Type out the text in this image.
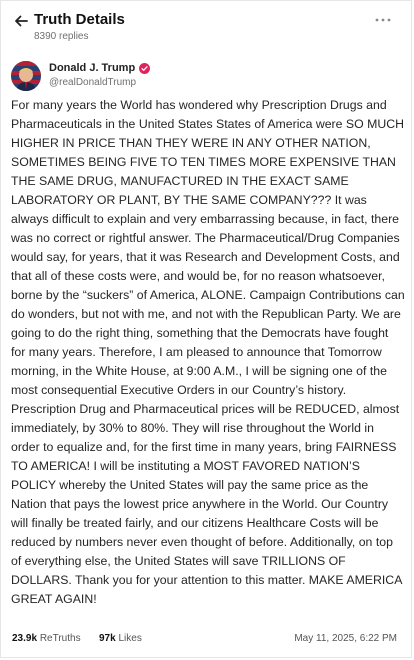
Truth Details
8390 replies
Donald J. Trump
@realDonaldTrump
For many years the World has wondered why Prescription Drugs and Pharmaceuticals in the United States States of America were SO MUCH HIGHER IN PRICE THAN THEY WERE IN ANY OTHER NATION, SOMETIMES BEING FIVE TO TEN TIMES MORE EXPENSIVE THAN THE SAME DRUG, MANUFACTURED IN THE EXACT SAME LABORATORY OR PLANT, BY THE SAME COMPANY??? It was always difficult to explain and very embarrassing because, in fact, there was no correct or rightful answer. The Pharmaceutical/Drug Companies would say, for years, that it was Research and Development Costs, and that all of these costs were, and would be, for no reason whatsoever, borne by the “suckers” of America, ALONE. Campaign Contributions can do wonders, but not with me, and not with the Republican Party. We are going to do the right thing, something that the Democrats have fought for many years. Therefore, I am pleased to announce that Tomorrow morning, in the White House, at 9:00 A.M., I will be signing one of the most consequential Executive Orders in our Country’s history. Prescription Drug and Pharmaceutical prices will be REDUCED, almost immediately, by 30% to 80%. They will rise throughout the World in order to equalize and, for the first time in many years, bring FAIRNESS TO AMERICA! I will be instituting a MOST FAVORED NATION’S POLICY whereby the United States will pay the same price as the Nation that pays the lowest price anywhere in the World. Our Country will finally be treated fairly, and our citizens Healthcare Costs will be reduced by numbers never even thought of before. Additionally, on top of everything else, the United States will save TRILLIONS OF DOLLARS. Thank you for your attention to this matter. MAKE AMERICA GREAT AGAIN!
23.9k ReTruths 97k Likes	May 11, 2025, 6:22 PM
